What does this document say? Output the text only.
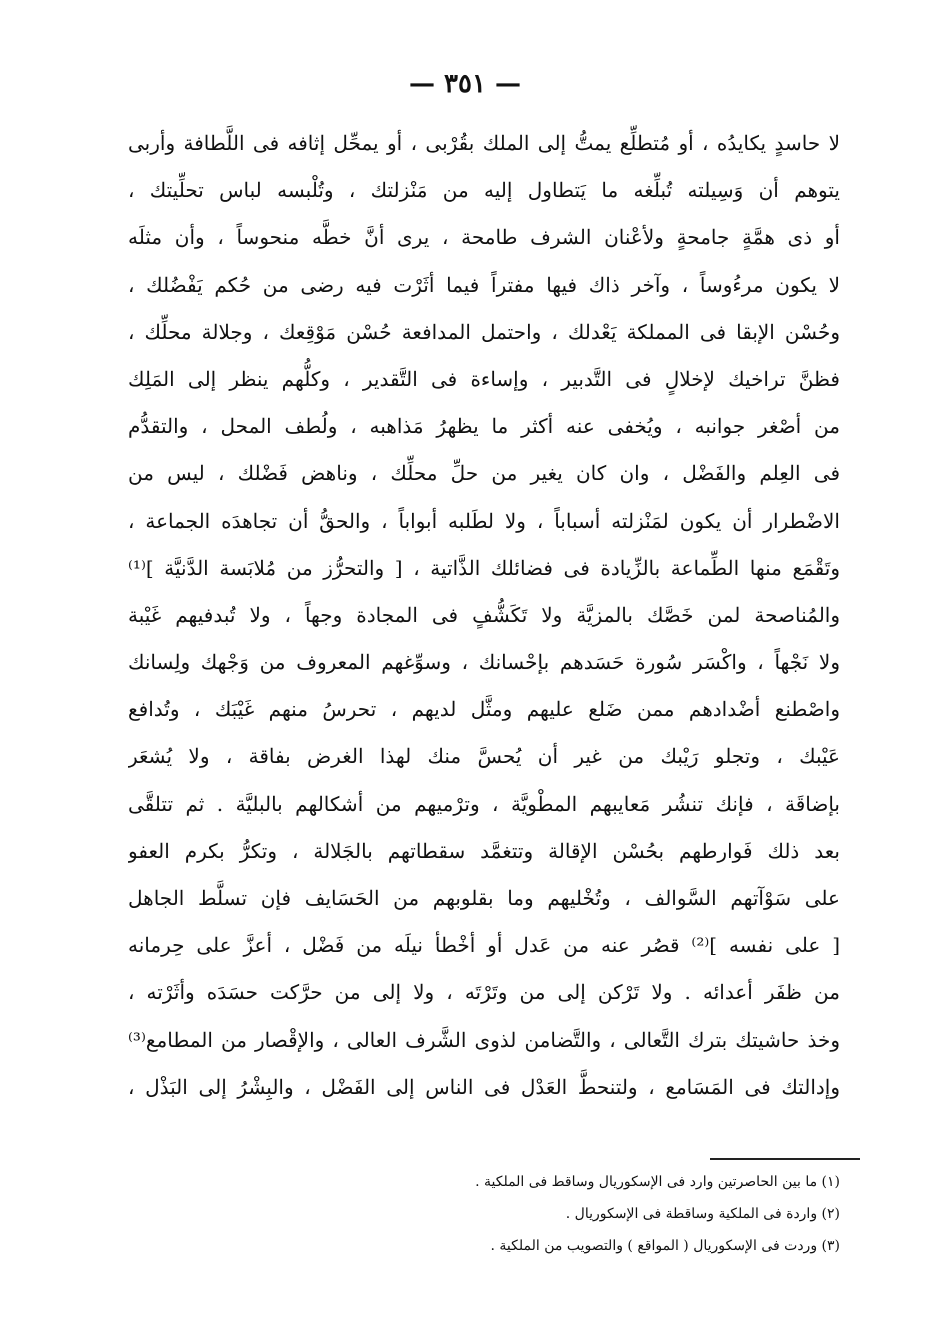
— ٣٥١ —
لا حاسدٍ يكايدُه ، أو مُتطلِّع يمتُّ إلى الملك بقُرْبى ، أو يمحِّل إثافه فى اللَّطافة وأربى
يتوهم أن وَسِيلته تُبلِّغه ما يَتطاول إليه من مَنْزلتك ، وتُلْبسه لباس تحلِّيتك ،
أو ذى همَّةٍ جامحةٍ ولأعْنان الشرف طامحة ، يرى أنَّ خطَّه منحوساً ، وأن مثلَه
لا يكون مرءُوساً ، وآخر ذاك فيها مفتراً فيما أثَرْت فيه رضى من حُكم يَفْضُلك ،
وحُسْن الإبقا فى المملكة يَعْدلك ، واحتمل المدافعة حُسْن مَوْقِعك ، وجلالة محلِّك ،
فظنَّ تراخيك لإخلالٍ فى التَّدبير ، وإساءة فى التَّقدير ، وكلُّهم ينظر إلى المَلِك
من أصْغر جوانبه ، ويُخفى عنه أكثر ما يظهرُ مَذاهبه ، ولُطف المحل ، والتقدُّم
فى العِلم والفَضْل ، وان كان يغير من حلِّ محلِّك ، وناهض فَضْلك ، ليس من
الاضْطرار أن يكون لمَنْزلته أسباباً ، ولا لطَلبه أبواباً ، والحقُّ أن تجاهدَه الجماعة ،
وتَقْمَع منها الطِّماعة بالزِّيادة فى فضائلك الذَّاتية ، [ والتحرُّز من مُلابَسة الدَّنيَّة ]⁽¹⁾
والمُناصحة لمن خَصَّك بالمزيَّة ولا تَكَشُّفٍ فى المجادة وجهاً ، ولا تُبدفيهم غَيْبة
ولا نَجْهاً ، واكْسَر سُورة حَسَدهم بإحْسانك ، وسوِّغهم المعروف من وَجْهك ولِسانك
واصْطنع أضْدادهم ممن ضَلع عليهم ومثَّل لديهم ، تحرسُ منهم غَيْبَك ، وتُدافع
عَيْبك ، وتجلو رَيْبك من غير أن يُحسَّ منك لهذا الغرض بفاقة ، ولا يُشعَر
بإضاقَة ، فإنك تنشُر مَعايبهم المطْويَّة ، وترْميهم من أشكالهم بالبليَّة . ثم تتلقَّى
بعد ذلك فَوارطهم بحُسْن الإقالة وتتغمَّد سقطاتهم بالجَلالة ، وتكرُّ بكرم العفو
على سَوْآتهم السَّوالف ، وتُخْليهم وما بقلوبهم من الحَسَايف فإن تسلَّط الجاهل
[ على نفسه ]⁽²⁾ قصُر عنه من عَدل أو أخْطأ نيلَه من فَضْل ، أعزَّ على حِرمانه
من ظفَر أعدائه . ولا تَرْكن إلى من وتَرْتَه ، ولا إلى من حرَّكت حسَدَه وأثَرْته ،
وخذ حاشيتك بترك التَّعالى ، والتَّضامن لذوى الشَّرف العالى ، والإقْصار من المطامع⁽³⁾
وإدالتك فى المَسَامع ، ولتنحطَّ العَدْل فى الناس إلى الفَضْل ، والبِشْرُ إلى البَذْل ،
(١) ما بين الحاصرتين وارد فى الإسكوريال وساقط فى الملكية .
(٢) واردة فى الملكية وساقطة فى الإسكوريال .
(٣) وردت فى الإسكوريال ( المواقع ) والتصويب من الملكية .
